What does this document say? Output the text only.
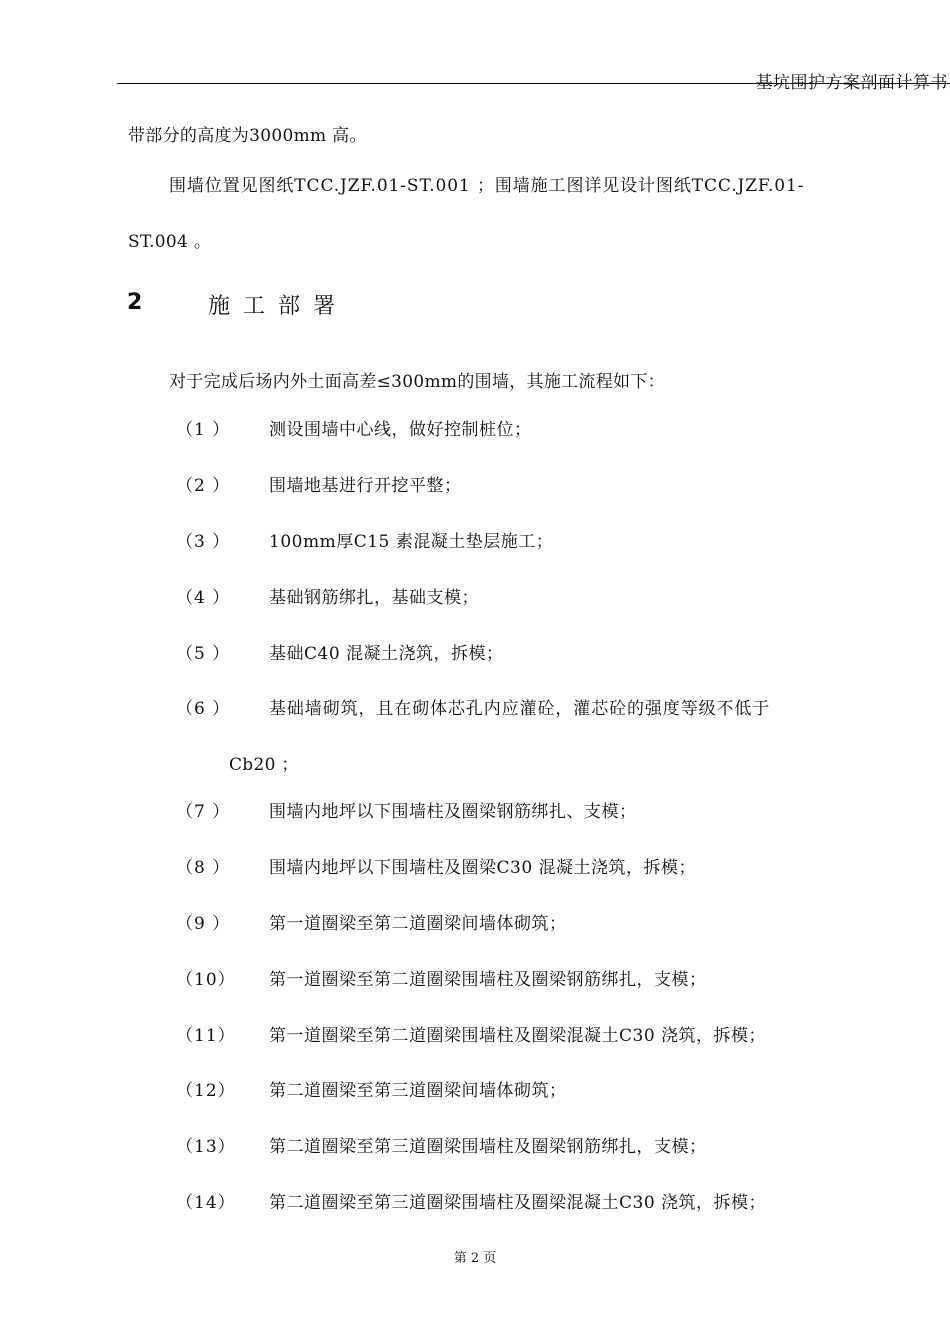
基坑围护方案剖面计算书
带部分的高度为3000mm 高。
围墙位置见图纸TCC.JZF.01-ST.001 ；围墙施工图详见设计图纸TCC.JZF.01-
ST.004 。
2	施工部署
对于完成后场内外土面高差≤300mm的围墙，其施工流程如下：
（1 ） 测设围墙中心线，做好控制桩位；
（2 ） 围墙地基进行开挖平整；
（3 ） 100mm厚C15 素混凝土垫层施工；
（4 ） 基础钢筋绑扎，基础支模；
（5 ） 基础C40 混凝土浇筑，拆模；
（6 ） 基础墙砌筑，且在砌体芯孔内应灌砼，灌芯砼的强度等级不低于
Cb20 ；
（7 ） 围墙内地坪以下围墙柱及圈梁钢筋绑扎、支模；
（8 ） 围墙内地坪以下围墙柱及圈梁C30 混凝土浇筑，拆模；
（9 ） 第一道圈梁至第二道圈梁间墙体砌筑；
（10） 第一道圈梁至第二道圈梁围墙柱及圈梁钢筋绑扎，支模；
（11） 第一道圈梁至第二道圈梁围墙柱及圈梁混凝土C30 浇筑，拆模；
（12） 第二道圈梁至第三道圈梁间墙体砌筑；
（13） 第二道圈梁至第三道圈梁围墙柱及圈梁钢筋绑扎，支模；
（14） 第二道圈梁至第三道圈梁围墙柱及圈梁混凝土C30 浇筑，拆模；
第 2 页
